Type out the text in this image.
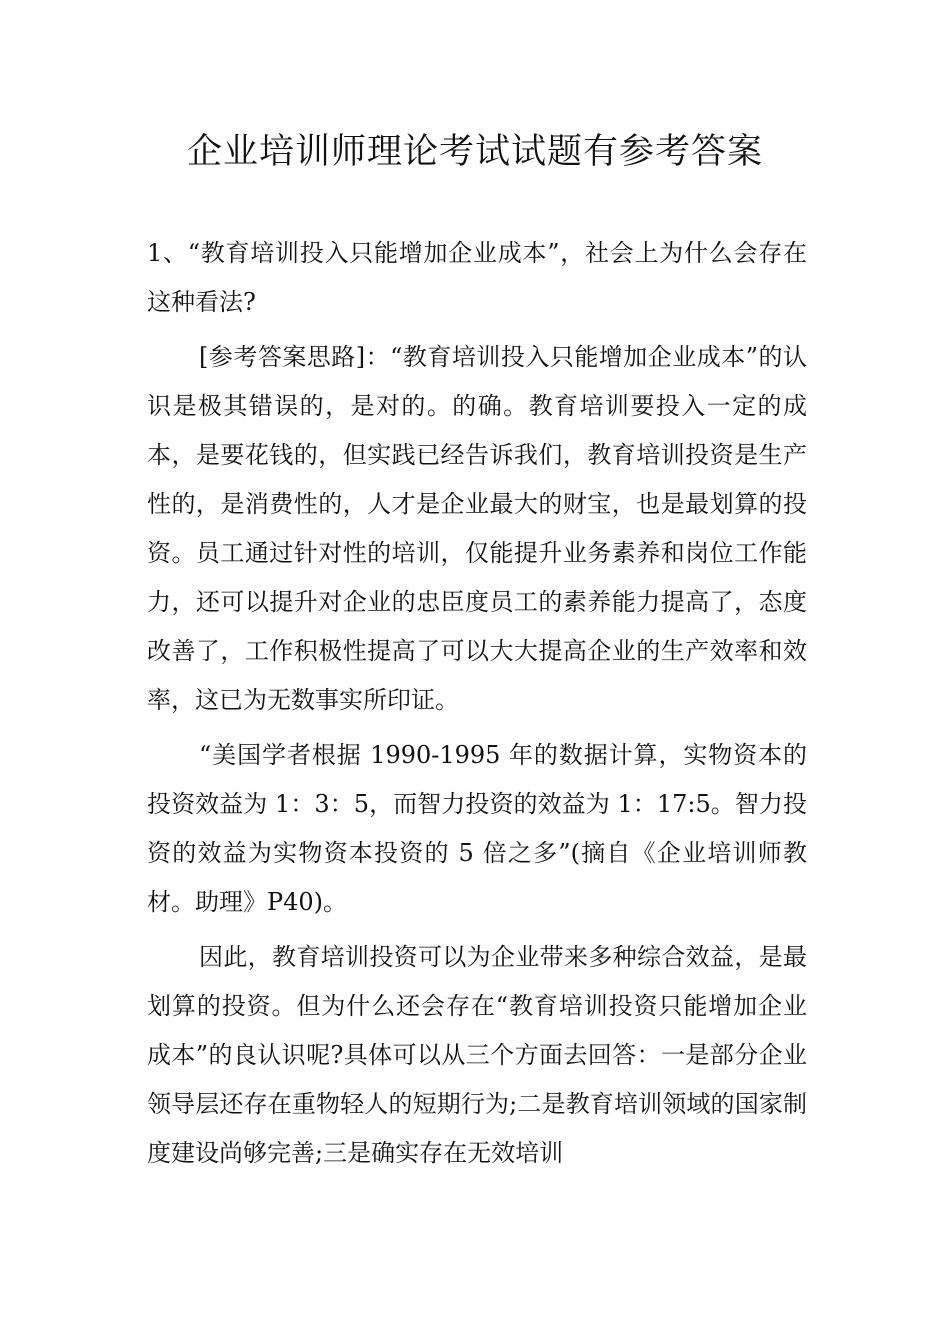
企业培训师理论考试试题有参考答案

1、“教育培训投入只能增加企业成本”，社会上为什么会存在这种看法?

[参考答案思路]：“教育培训投入只能增加企业成本”的认识是极其错误的，是对的。的确。教育培训要投入一定的成本，是要花钱的，但实践已经告诉我们，教育培训投资是生产性的，是消费性的，人才是企业最大的财宝，也是最划算的投资。员工通过针对性的培训，仅能提升业务素养和岗位工作能力，还可以提升对企业的忠臣度员工的素养能力提高了，态度改善了，工作积极性提高了可以大大提高企业的生产效率和效率，这已为无数事实所印证。

“美国学者根据 1990-1995 年的数据计算，实物资本的投资效益为 1：3：5，而智力投资的效益为 1：17:5。智力投资的效益为实物资本投资的 5 倍之多”(摘自《企业培训师教材。助理》P40)。

因此，教育培训投资可以为企业带来多种综合效益，是最划算的投资。但为什么还会存在“教育培训投资只能增加企业成本”的良认识呢?具体可以从三个方面去回答：一是部分企业领导层还存在重物轻人的短期行为;二是教育培训领域的国家制度建设尚够完善;三是确实存在无效培训
